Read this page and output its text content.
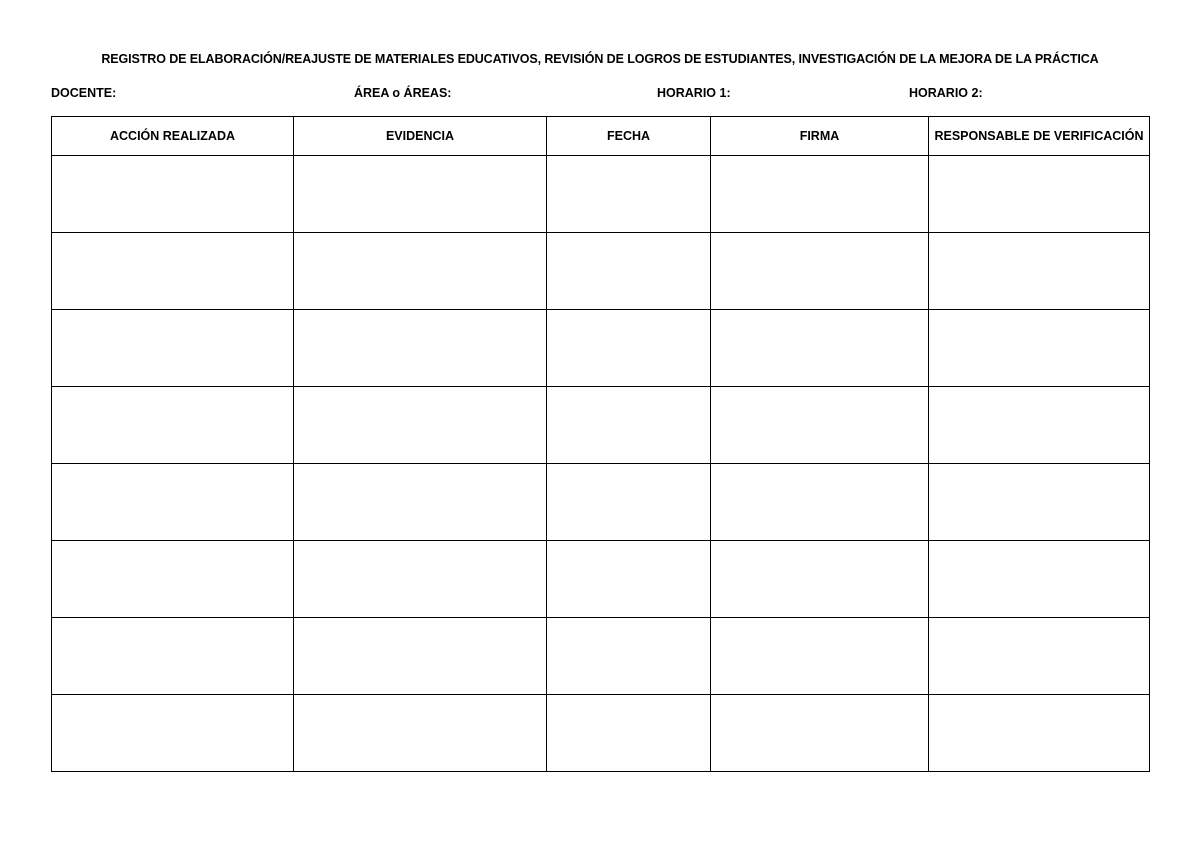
REGISTRO DE ELABORACIÓN/REAJUSTE DE MATERIALES EDUCATIVOS, REVISIÓN DE LOGROS DE ESTUDIANTES, INVESTIGACIÓN DE LA MEJORA DE LA PRÁCTICA
DOCENTE:	ÁREA o ÁREAS:	HORARIO 1:	HORARIO 2:
ACCIÓN REALIZADA	EVIDENCIA	FECHA	FIRMA	RESPONSABLE DE VERIFICACIÓN
